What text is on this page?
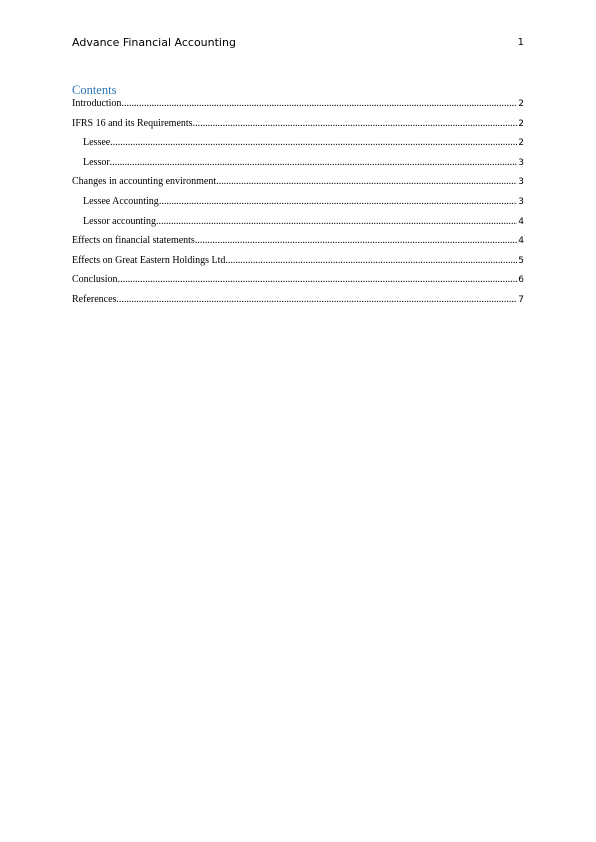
Advance Financial Accounting	1
Contents
Introduction .....	2
IFRS 16 and its Requirements .....	2
Lessee .....	2
Lessor .....	3
Changes in accounting environment .....	3
Lessee Accounting .....	3
Lessor accounting .....	4
Effects on financial statements .....	4
Effects on Great Eastern Holdings Ltd .....	5
Conclusion .....	6
References .....	7
